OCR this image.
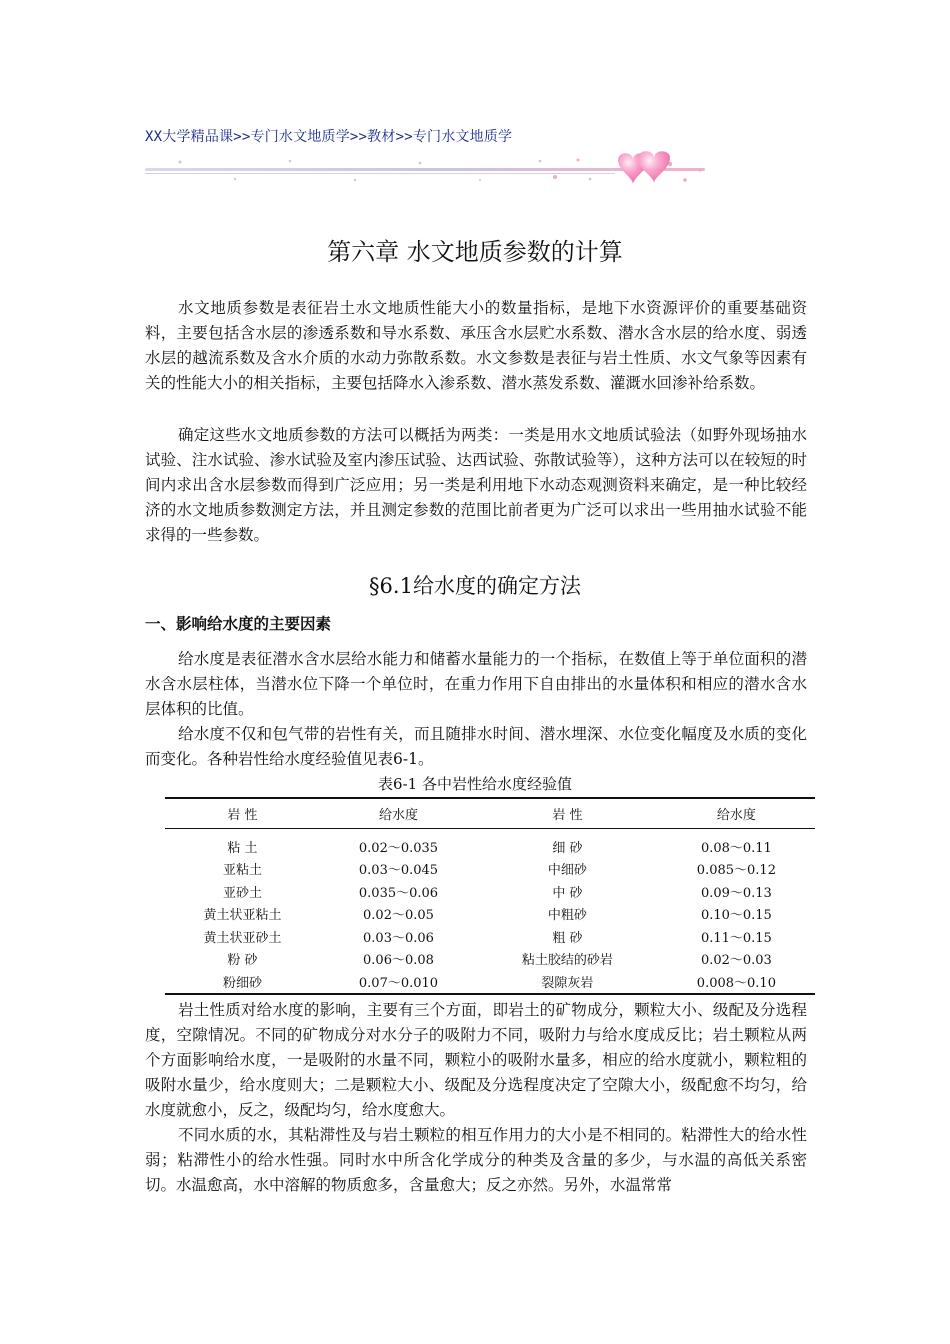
XX大学精品课>>专门水文地质学>>教材>>专门水文地质学
第六章 水文地质参数的计算

水文地质参数是表征岩土水文地质性能大小的数量指标，是地下水资源评价的重要基础资料，主要包括含水层的渗透系数和导水系数、承压含水层贮水系数、潜水含水层的给水度、弱透水层的越流系数及含水介质的水动力弥散系数。水文参数是表征与岩土性质、水文气象等因素有关的性能大小的相关指标，主要包括降水入渗系数、潜水蒸发系数、灌溉水回渗补给系数。

确定这些水文地质参数的方法可以概括为两类：一类是用水文地质试验法（如野外现场抽水试验、注水试验、渗水试验及室内渗压试验、达西试验、弥散试验等），这种方法可以在较短的时间内求出含水层参数而得到广泛应用；另一类是利用地下水动态观测资料来确定，是一种比较经济的水文地质参数测定方法，并且测定参数的范围比前者更为广泛可以求出一些用抽水试验不能求得的一些参数。

§6.1给水度的确定方法
一、影响给水度的主要因素

给水度是表征潜水含水层给水能力和储蓄水量能力的一个指标，在数值上等于单位面积的潜水含水层柱体，当潜水位下降一个单位时，在重力作用下自由排出的水量体积和相应的潜水含水层体积的比值。

给水度不仅和包气带的岩性有关，而且随排水时间、潜水埋深、水位变化幅度及水质的变化而变化。各种岩性给水度经验值见表6-1。

表6-1 各中岩性给水度经验值
岩 性	给水度	岩 性	给水度
粘 土	0.02～0.035	细 砂	0.08～0.11
亚粘土	0.03～0.045	中细砂	0.085～0.12
亚砂土	0.035～0.06	中 砂	0.09～0.13
黄土状亚粘土	0.02～0.05	中粗砂	0.10～0.15
黄土状亚砂土	0.03～0.06	粗 砂	0.11～0.15
粉 砂	0.06～0.08	粘土胶结的砂岩	0.02～0.03
粉细砂	0.07～0.010	裂隙灰岩	0.008～0.10

岩土性质对给水度的影响，主要有三个方面，即岩土的矿物成分，颗粒大小、级配及分选程度，空隙情况。不同的矿物成分对水分子的吸附力不同，吸附力与给水度成反比；岩土颗粒从两个方面影响给水度，一是吸附的水量不同，颗粒小的吸附水量多，相应的给水度就小，颗粒粗的吸附水量少，给水度则大；二是颗粒大小、级配及分选程度决定了空隙大小，级配愈不均匀，给水度就愈小，反之，级配均匀，给水度愈大。

不同水质的水，其粘滞性及与岩土颗粒的相互作用力的大小是不相同的。粘滞性大的给水性弱；粘滞性小的给水性强。同时水中所含化学成分的种类及含量的多少，与水温的高低关系密切。水温愈高，水中溶解的物质愈多，含量愈大；反之亦然。另外，水温常常
